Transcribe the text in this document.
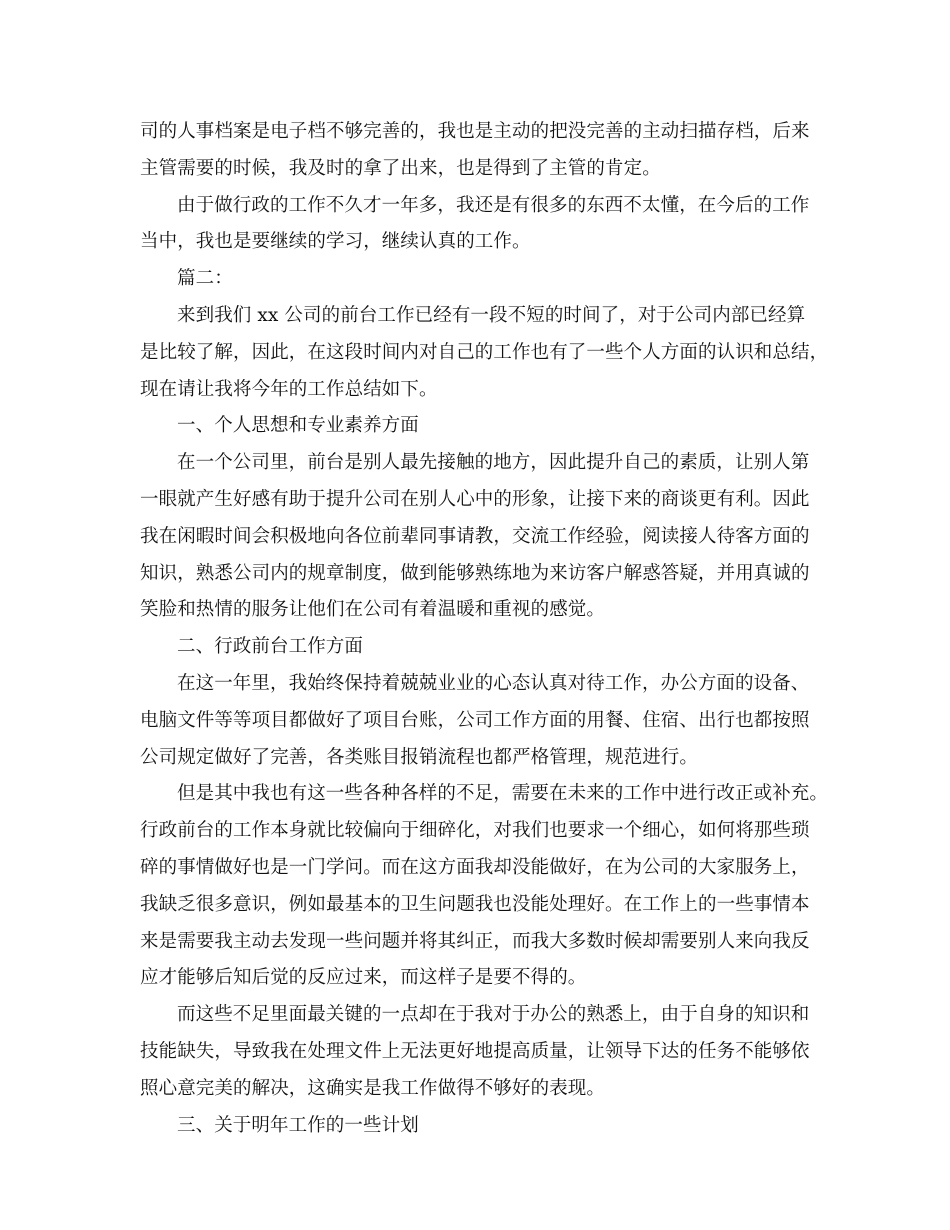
司的人事档案是电子档不够完善的，我也是主动的把没完善的主动扫描存档，后来
主管需要的时候，我及时的拿了出来，也是得到了主管的肯定。
由于做行政的工作不久才一年多，我还是有很多的东西不太懂，在今后的工作
当中，我也是要继续的学习，继续认真的工作。
篇二：
来到我们 xx 公司的前台工作已经有一段不短的时间了，对于公司内部已经算
是比较了解，因此，在这段时间内对自己的工作也有了一些个人方面的认识和总结，
现在请让我将今年的工作总结如下。
一、个人思想和专业素养方面
在一个公司里，前台是别人最先接触的地方，因此提升自己的素质，让别人第
一眼就产生好感有助于提升公司在别人心中的形象，让接下来的商谈更有利。因此
我在闲暇时间会积极地向各位前辈同事请教，交流工作经验，阅读接人待客方面的
知识，熟悉公司内的规章制度，做到能够熟练地为来访客户解惑答疑，并用真诚的
笑脸和热情的服务让他们在公司有着温暖和重视的感觉。
二、行政前台工作方面
在这一年里，我始终保持着兢兢业业的心态认真对待工作，办公方面的设备、
电脑文件等等项目都做好了项目台账，公司工作方面的用餐、住宿、出行也都按照
公司规定做好了完善，各类账目报销流程也都严格管理，规范进行。
但是其中我也有这一些各种各样的不足，需要在未来的工作中进行改正或补充。
行政前台的工作本身就比较偏向于细碎化，对我们也要求一个细心，如何将那些琐
碎的事情做好也是一门学问。而在这方面我却没能做好，在为公司的大家服务上，
我缺乏很多意识，例如最基本的卫生问题我也没能处理好。在工作上的一些事情本
来是需要我主动去发现一些问题并将其纠正，而我大多数时候却需要别人来向我反
应才能够后知后觉的反应过来，而这样子是要不得的。
而这些不足里面最关键的一点却在于我对于办公的熟悉上，由于自身的知识和
技能缺失，导致我在处理文件上无法更好地提高质量，让领导下达的任务不能够依
照心意完美的解决，这确实是我工作做得不够好的表现。
三、关于明年工作的一些计划
